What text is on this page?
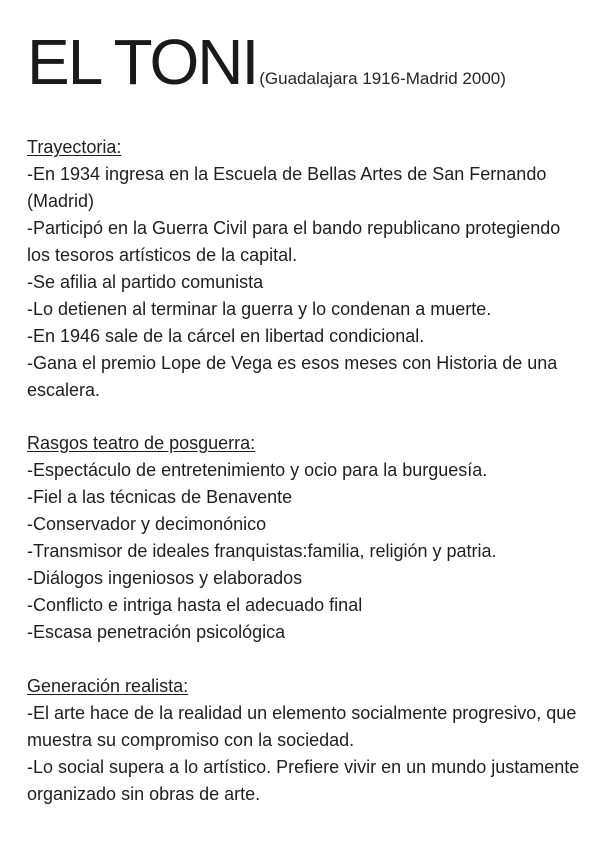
EL TONI (Guadalajara 1916-Madrid 2000)

Trayectoria:

-En 1934 ingresa en la Escuela de Bellas Artes de San Fernando (Madrid)

-Participó en la Guerra Civil para el bando republicano protegiendo los tesoros artísticos de la capital.

-Se afilia al partido comunista

-Lo detienen al terminar la guerra y lo condenan a muerte.

-En 1946 sale de la cárcel en libertad condicional.

-Gana el premio Lope de Vega es esos meses con Historia de una escalera.

Rasgos teatro de posguerra:

-Espectáculo de entretenimiento y ocio para la burguesía.

-Fiel a las técnicas de Benavente

-Conservador y decimonónico

-Transmisor de ideales franquistas:familia, religión y patria.

-Diálogos ingeniosos y elaborados

-Conflicto e intriga hasta el adecuado final

-Escasa penetración psicológica

Generación realista:

-El arte hace de la realidad un elemento socialmente progresivo, que muestra su compromiso con la sociedad.

-Lo social supera a lo artístico. Prefiere vivir en un mundo justamente organizado sin obras de arte.
